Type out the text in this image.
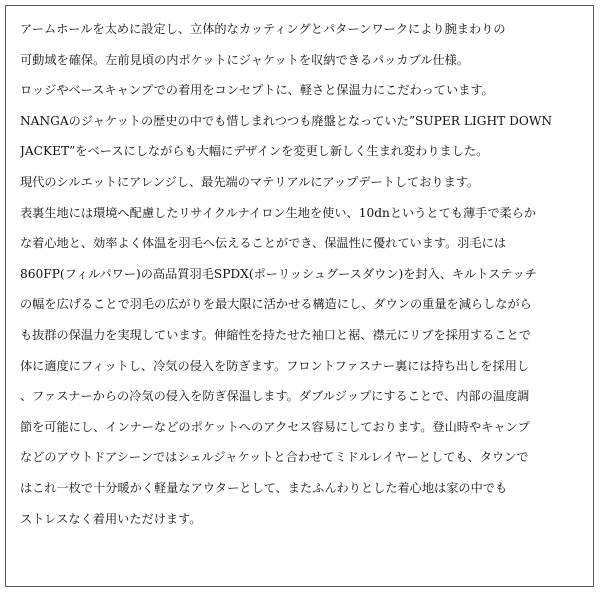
アームホールを太めに設定し、立体的なカッティングとパターンワークにより腕まわりの
可動域を確保。左前見頃の内ポケットにジャケットを収納できるパッカブル仕様。
ロッジやベースキャンプでの着用をコンセプトに、軽さと保温力にこだわっています。
NANGAのジャケットの歴史の中でも惜しまれつつも廃盤となっていた”SUPER LIGHT DOWN
JACKET”をベースにしながらも大幅にデザインを変更し新しく生まれ変わりました。
現代のシルエットにアレンジし、最先端のマテリアルにアップデートしております。
表裏生地には環境へ配慮したリサイクルナイロン生地を使い、10dnというとても薄手で柔らか
な着心地と、効率よく体温を羽毛へ伝えることができ、保温性に優れています。羽毛には
860FP(フィルパワー)の高品質羽毛SPDX(ポーリッシュグースダウン)を封入、キルトステッチ
の幅を広げることで羽毛の広がりを最大限に活かせる構造にし、ダウンの重量を減らしながら
も抜群の保温力を実現しています。伸縮性を持たせた袖口と裾、襟元にリブを採用することで
体に適度にフィットし、冷気の侵入を防ぎます。フロントファスナー裏には持ち出しを採用し
、ファスナーからの冷気の侵入を防ぎ保温します。ダブルジップにすることで、内部の温度調
節を可能にし、インナーなどのポケットへのアクセス容易にしております。登山時やキャンプ
などのアウトドアシーンではシェルジャケットと合わせてミドルレイヤーとしても、タウンで
はこれ一枚で十分暖かく軽量なアウターとして、またふんわりとした着心地は家の中でも
ストレスなく着用いただけます。
